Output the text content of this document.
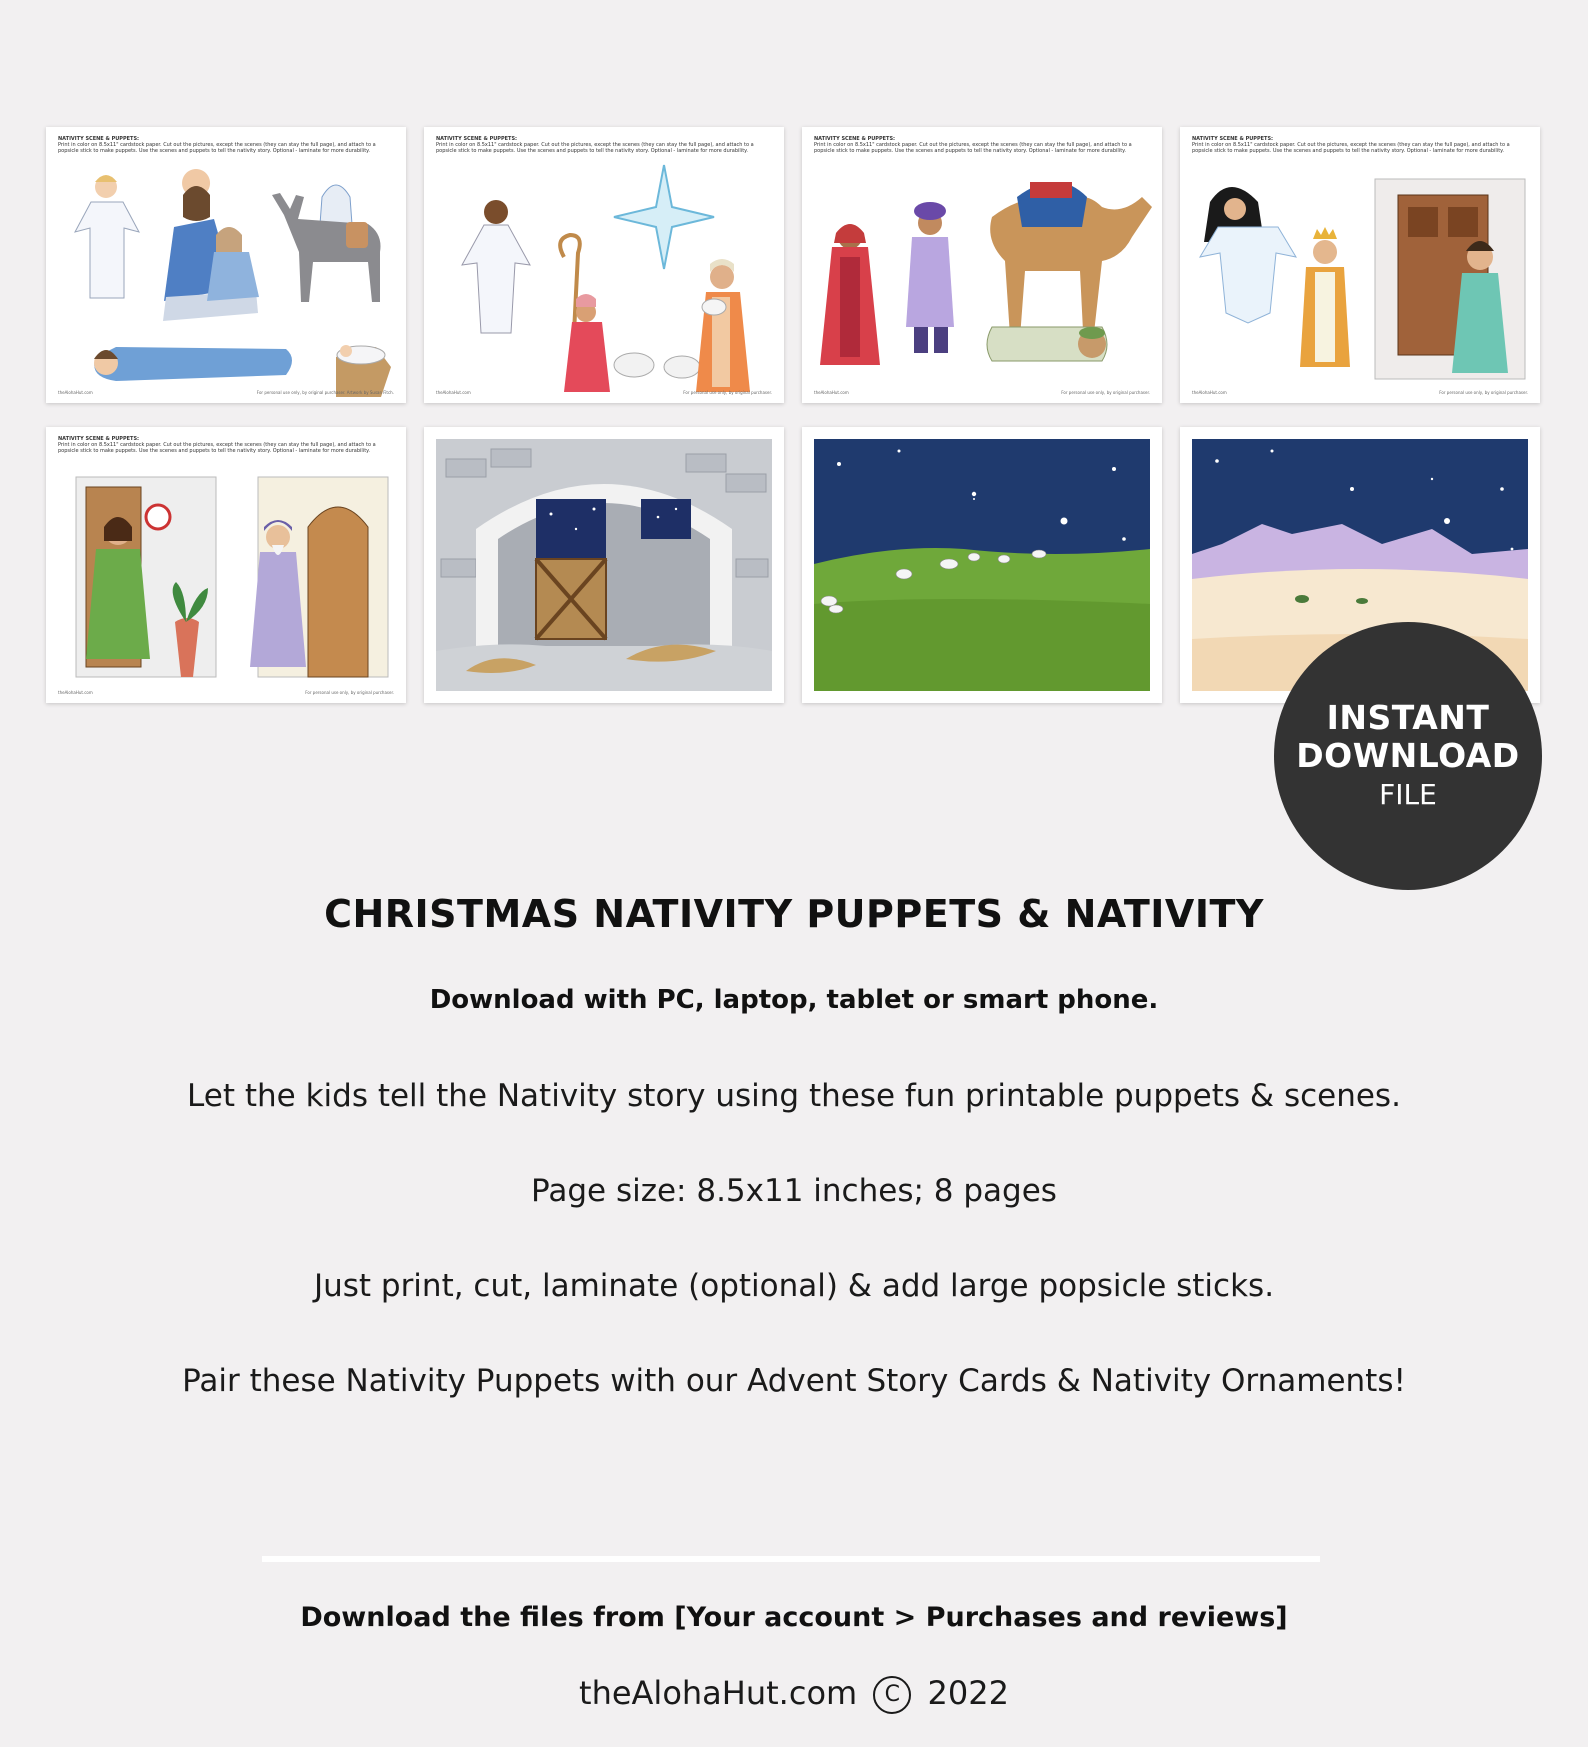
NATIVITY SCENE & PUPPETS:
Print in color on 8.5x11" cardstock paper. Cut out the pictures, except the scenes (they can stay the full page), and attach to a popsicle stick to make puppets. Use the scenes and puppets to tell the nativity story. Optional - laminate for more durability.
theAlohaHut.com	For personal use only, by original purchaser. Artwork by Susan Fitch.
NATIVITY SCENE & PUPPETS:
Print in color on 8.5x11" cardstock paper. Cut out the pictures, except the scenes (they can stay the full page), and attach to a popsicle stick to make puppets. Use the scenes and puppets to tell the nativity story. Optional - laminate for more durability.
theAlohaHut.com	For personal use only, by original purchaser.
NATIVITY SCENE & PUPPETS:
Print in color on 8.5x11" cardstock paper. Cut out the pictures, except the scenes (they can stay the full page), and attach to a popsicle stick to make puppets. Use the scenes and puppets to tell the nativity story. Optional - laminate for more durability.
theAlohaHut.com	For personal use only, by original purchaser.
NATIVITY SCENE & PUPPETS:
Print in color on 8.5x11" cardstock paper. Cut out the pictures, except the scenes (they can stay the full page), and attach to a popsicle stick to make puppets. Use the scenes and puppets to tell the nativity story. Optional - laminate for more durability.
theAlohaHut.com	For personal use only, by original purchaser.
NATIVITY SCENE & PUPPETS:
Print in color on 8.5x11" cardstock paper. Cut out the pictures, except the scenes (they can stay the full page), and attach to a popsicle stick to make puppets. Use the scenes and puppets to tell the nativity story. Optional - laminate for more durability.
theAlohaHut.com	For personal use only, by original purchaser.
INSTANT
DOWNLOAD
FILE
CHRISTMAS NATIVITY PUPPETS & NATIVITY
Download with PC, laptop, tablet or smart phone.
Let the kids tell the Nativity story using these fun printable puppets & scenes.
Page size: 8.5x11 inches; 8 pages
Just print, cut, laminate (optional) & add large popsicle sticks.
Pair these Nativity Puppets with our Advent Story Cards & Nativity Ornaments!
Download the files from [Your account > Purchases and reviews]
theAlohaHut.com C 2022
